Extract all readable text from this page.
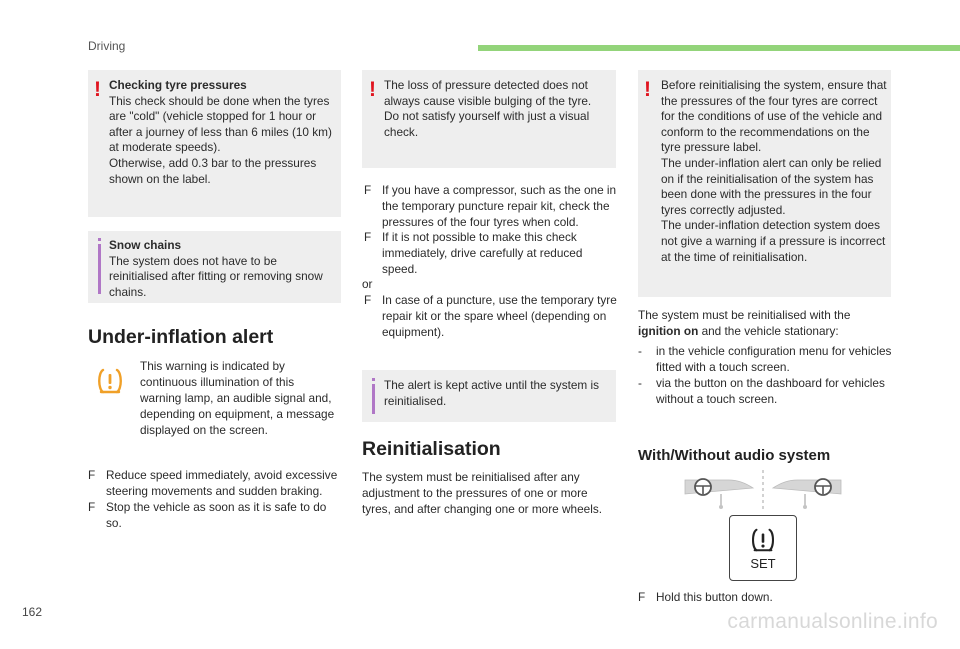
Driving
! Checking tyre pressures
This check should be done when the tyres are "cold" (vehicle stopped for 1 hour or after a journey of less than 6 miles (10 km) at moderate speeds).
Otherwise, add 0.3 bar to the pressures shown on the label.
Snow chains
The system does not have to be reinitialised after fitting or removing snow chains.
Under-inflation alert
This warning is indicated by continuous illumination of this warning lamp, an audible signal and, depending on equipment, a message displayed on the screen.
F Reduce speed immediately, avoid excessive steering movements and sudden braking.
F Stop the vehicle as soon as it is safe to do so.
! The loss of pressure detected does not always cause visible bulging of the tyre. Do not satisfy yourself with just a visual check.
F If you have a compressor, such as the one in the temporary puncture repair kit, check the pressures of the four tyres when cold.
F If it is not possible to make this check immediately, drive carefully at reduced speed.
or
F In case of a puncture, use the temporary tyre repair kit or the spare wheel (depending on equipment).
The alert is kept active until the system is reinitialised.
Reinitialisation
The system must be reinitialised after any adjustment to the pressures of one or more tyres, and after changing one or more wheels.
! Before reinitialising the system, ensure that the pressures of the four tyres are correct for the conditions of use of the vehicle and conform to the recommendations on the tyre pressure label.
The under-inflation alert can only be relied on if the reinitialisation of the system has been done with the pressures in the four tyres correctly adjusted.
The under-inflation detection system does not give a warning if a pressure is incorrect at the time of reinitialisation.
The system must be reinitialised with the
ignition on and the vehicle stationary:
-	in the vehicle configuration menu for vehicles fitted with a touch screen.
-	via the button on the dashboard for vehicles without a touch screen.
With/Without audio system
SET
F Hold this button down.
162	carmanualsonline.info
